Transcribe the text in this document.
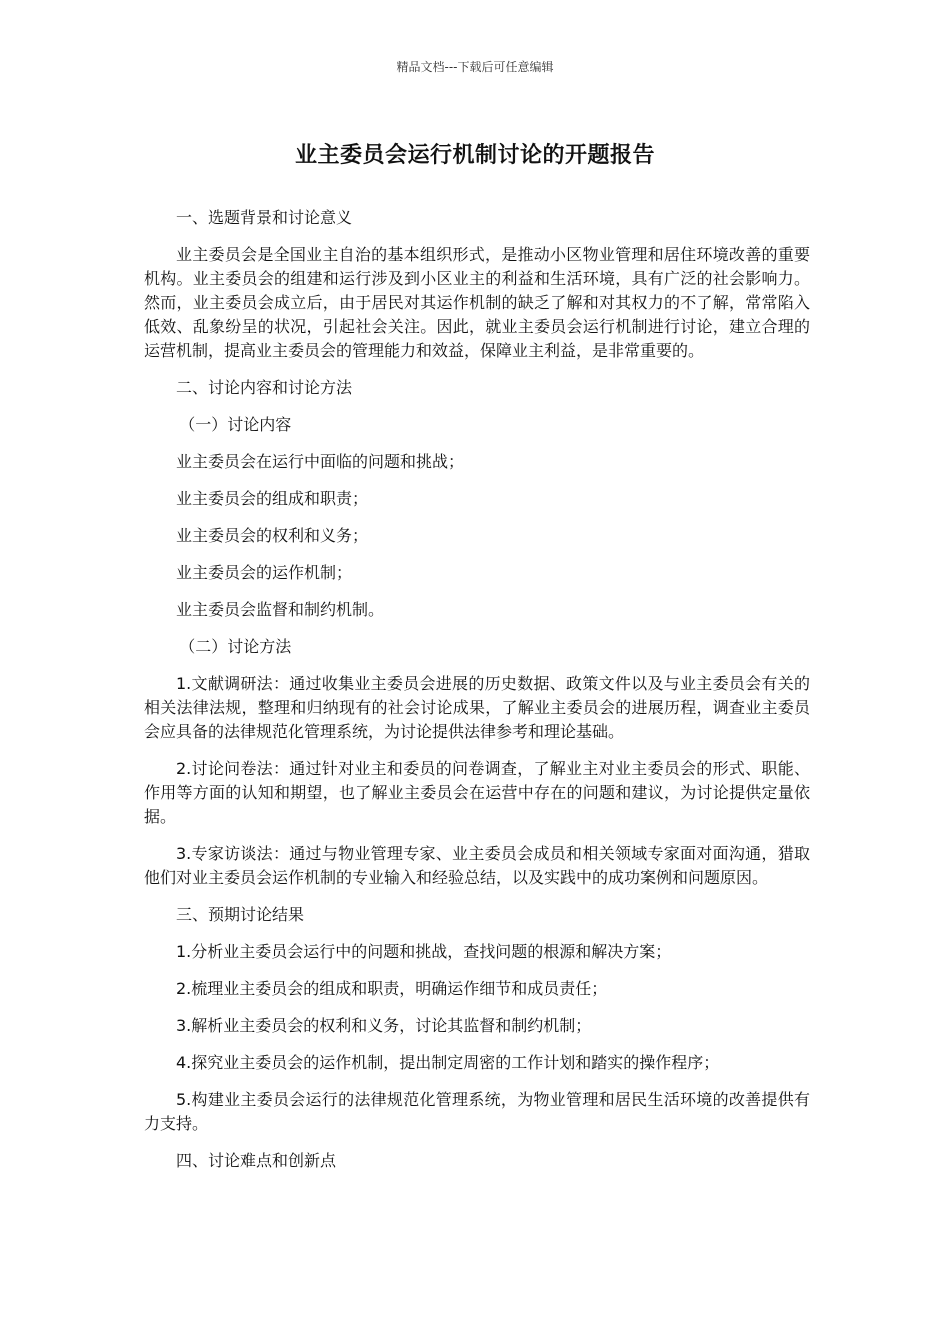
精品文档---下载后可任意编辑
业主委员会运行机制讨论的开题报告

一、选题背景和讨论意义

业主委员会是全国业主自治的基本组织形式，是推动小区物业管理和居住环境改善的重要机构。业主委员会的组建和运行涉及到小区业主的利益和生活环境，具有广泛的社会影响力。然而，业主委员会成立后，由于居民对其运作机制的缺乏了解和对其权力的不了解，常常陷入低效、乱象纷呈的状况，引起社会关注。因此，就业主委员会运行机制进行讨论，建立合理的运营机制，提高业主委员会的管理能力和效益，保障业主利益，是非常重要的。

二、讨论内容和讨论方法

（一）讨论内容

业主委员会在运行中面临的问题和挑战；

业主委员会的组成和职责；

业主委员会的权利和义务；

业主委员会的运作机制；

业主委员会监督和制约机制。

（二）讨论方法

1.文献调研法：通过收集业主委员会进展的历史数据、政策文件以及与业主委员会有关的相关法律法规，整理和归纳现有的社会讨论成果，了解业主委员会的进展历程，调查业主委员会应具备的法律规范化管理系统，为讨论提供法律参考和理论基础。

2.讨论问卷法：通过针对业主和委员的问卷调查，了解业主对业主委员会的形式、职能、作用等方面的认知和期望，也了解业主委员会在运营中存在的问题和建议，为讨论提供定量依据。

3.专家访谈法：通过与物业管理专家、业主委员会成员和相关领域专家面对面沟通，猎取他们对业主委员会运作机制的专业输入和经验总结，以及实践中的成功案例和问题原因。

三、预期讨论结果

1.分析业主委员会运行中的问题和挑战，查找问题的根源和解决方案；

2.梳理业主委员会的组成和职责，明确运作细节和成员责任；

3.解析业主委员会的权利和义务，讨论其监督和制约机制；

4.探究业主委员会的运作机制，提出制定周密的工作计划和踏实的操作程序；

5.构建业主委员会运行的法律规范化管理系统，为物业管理和居民生活环境的改善提供有力支持。

四、讨论难点和创新点
